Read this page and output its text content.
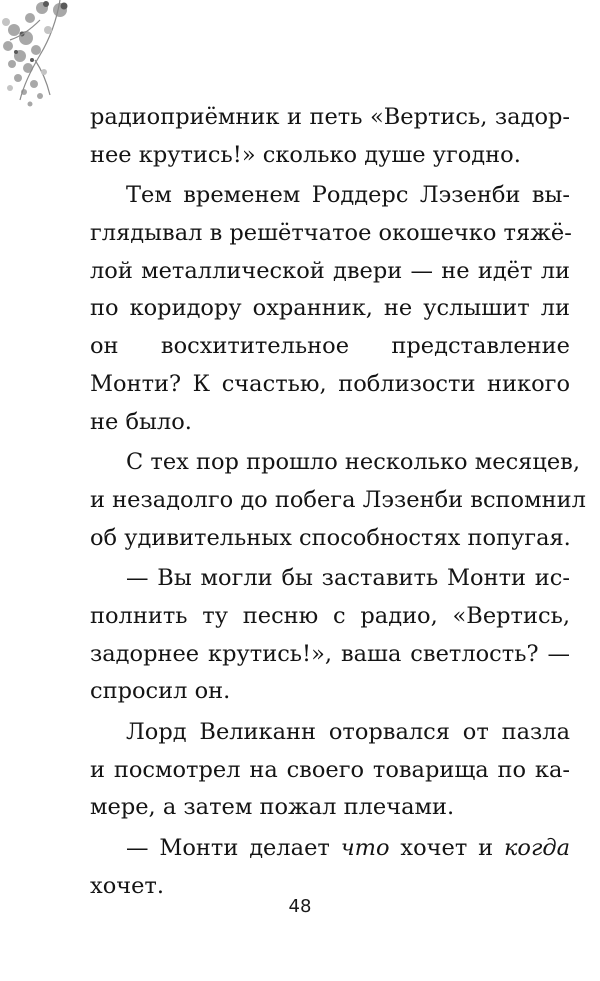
радиоприёмник и петь «Вертись, задор-
нее крутись!» сколько душе угодно.
Тем временем Роддерс Лэзенби вы-
глядывал в решётчатое окошечко тяжё-
лой металлической двери — не идёт ли
по коридору охранник, не услышит ли
он восхитительное представление
Монти? К счастью, поблизости никого
не было.
С тех пор прошло несколько месяцев,
и незадолго до побега Лэзенби вспомнил
об удивительных способностях попугая.
— Вы могли бы заставить Монти ис-
полнить ту песню с радио, «Вертись,
задорнее крутись!», ваша светлость? —
спросил он.
Лорд Великанн оторвался от пазла
и посмотрел на своего товарища по ка-
мере, а затем пожал плечами.
— Монти делает что хочет и когда
хочет.
48
